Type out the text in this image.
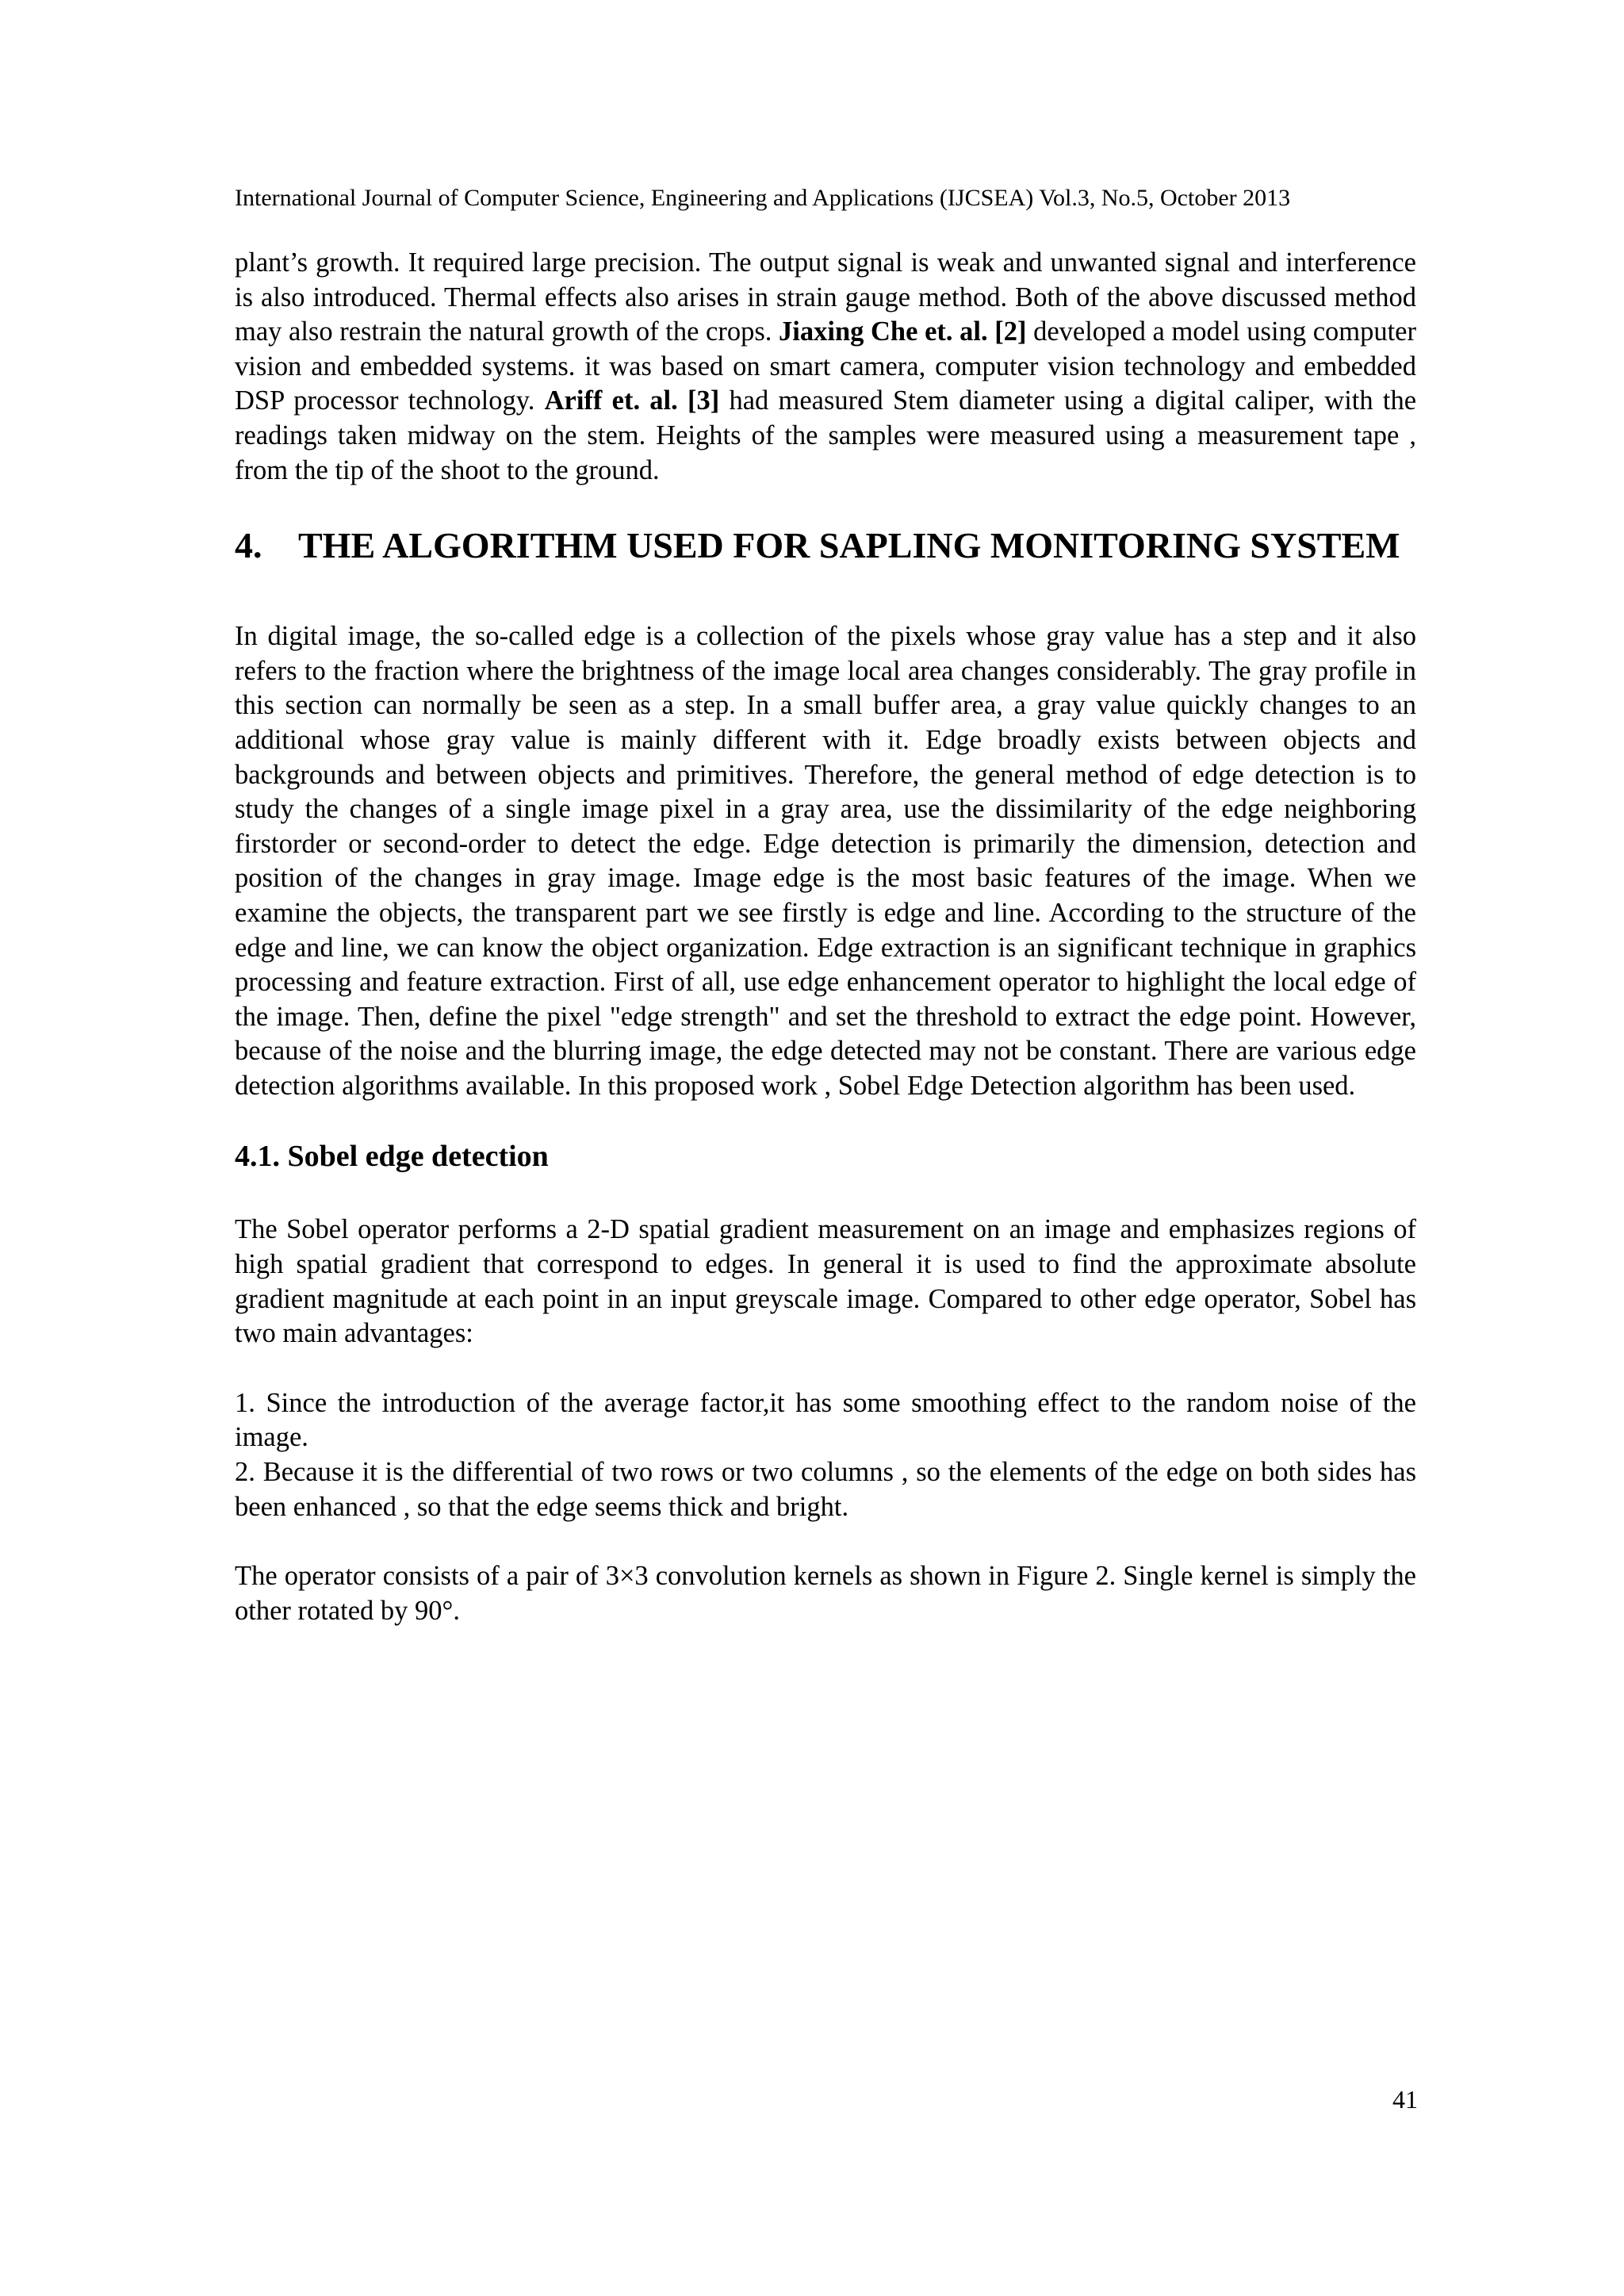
International Journal of Computer Science, Engineering and Applications (IJCSEA) Vol.3, No.5, October 2013

plant’s growth. It required large precision. The output signal is weak and unwanted signal and interference is also introduced. Thermal effects also arises in strain gauge method. Both of the above discussed method may also restrain the natural growth of the crops. Jiaxing Che et. al. [2] developed a model using computer vision and embedded systems. it was based on smart camera, computer vision technology and embedded DSP processor technology. Ariff et. al. [3] had measured Stem diameter using a digital caliper, with the readings taken midway on the stem. Heights of the samples were measured using a measurement tape , from the tip of the shoot to the ground.

4. THE ALGORITHM USED FOR SAPLING MONITORING SYSTEM

In digital image, the so-called edge is a collection of the pixels whose gray value has a step and it also refers to the fraction where the brightness of the image local area changes considerably. The gray profile in this section can normally be seen as a step. In a small buffer area, a gray value quickly changes to an additional whose gray value is mainly different with it. Edge broadly exists between objects and backgrounds and between objects and primitives. Therefore, the general method of edge detection is to study the changes of a single image pixel in a gray area, use the dissimilarity of the edge neighboring firstorder or second-order to detect the edge. Edge detection is primarily the dimension, detection and position of the changes in gray image. Image edge is the most basic features of the image. When we examine the objects, the transparent part we see firstly is edge and line. According to the structure of the edge and line, we can know the object organization. Edge extraction is an significant technique in graphics processing and feature extraction. First of all, use edge enhancement operator to highlight the local edge of the image. Then, define the pixel "edge strength" and set the threshold to extract the edge point. However, because of the noise and the blurring image, the edge detected may not be constant. There are various edge detection algorithms available. In this proposed work , Sobel Edge Detection algorithm has been used.

4.1. Sobel edge detection

The Sobel operator performs a 2-D spatial gradient measurement on an image and emphasizes regions of high spatial gradient that correspond to edges. In general it is used to find the approximate absolute gradient magnitude at each point in an input greyscale image. Compared to other edge operator, Sobel has two main advantages:

1. Since the introduction of the average factor,it has some smoothing effect to the random noise of the image.

2. Because it is the differential of two rows or two columns , so the elements of the edge on both sides has been enhanced , so that the edge seems thick and bright.

The operator consists of a pair of 3×3 convolution kernels as shown in Figure 2. Single kernel is simply the other rotated by 90°.

41
